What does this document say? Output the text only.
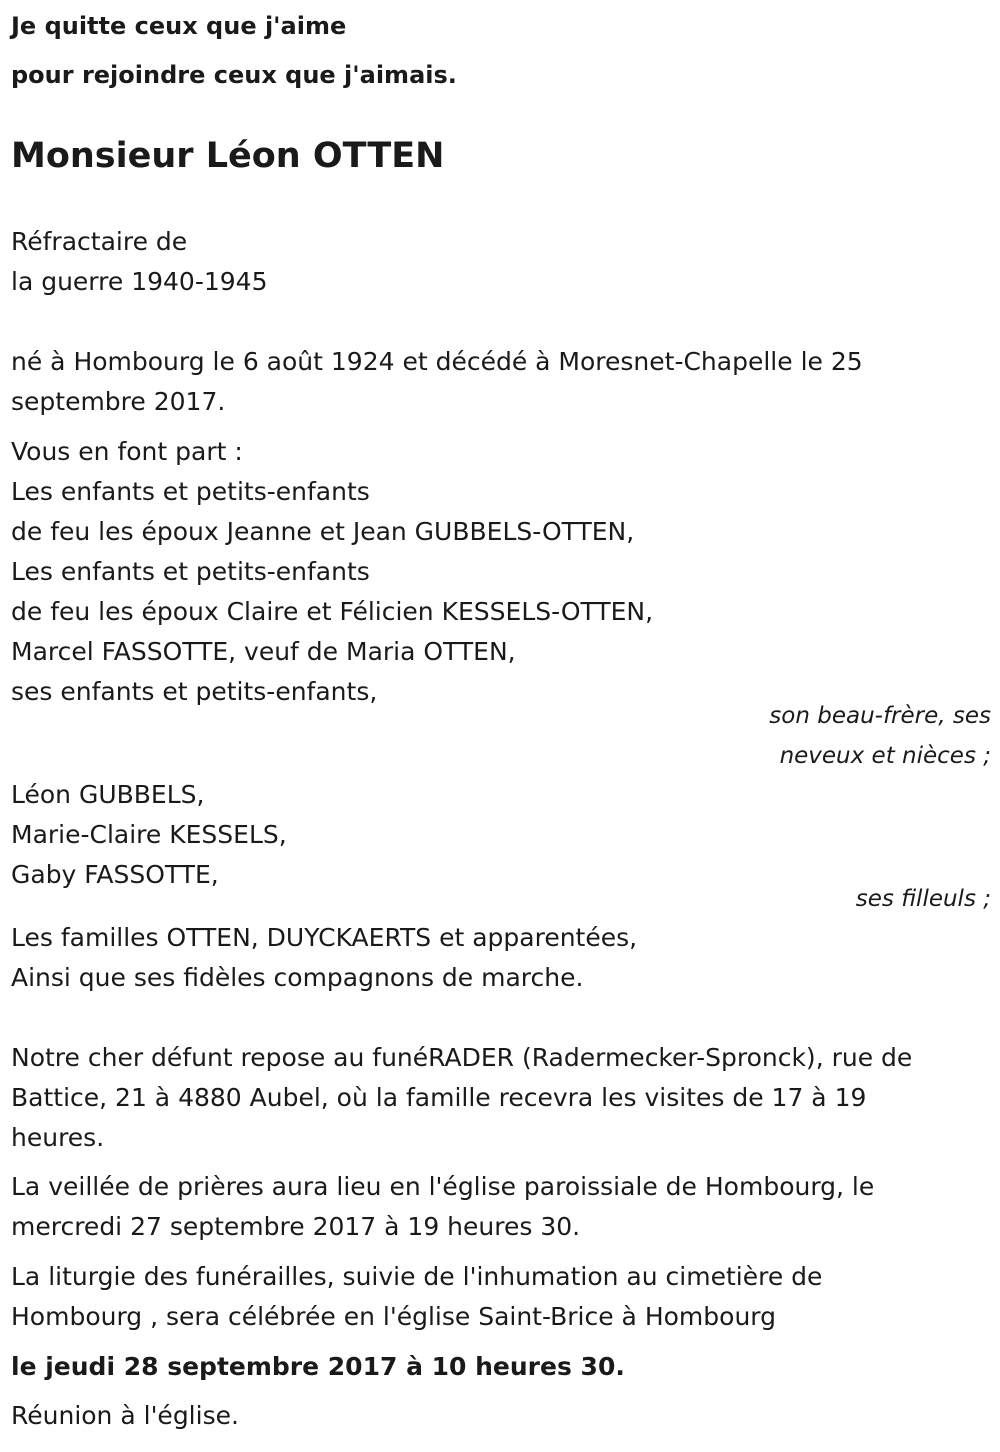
Je quitte ceux que j'aime
pour rejoindre ceux que j'aimais.
Monsieur Léon OTTEN
Réfractaire de
la guerre 1940-1945
né à Hombourg le 6 août 1924 et décédé à Moresnet-Chapelle le 25
septembre 2017.
Vous en font part :
Les enfants et petits-enfants
de feu les époux Jeanne et Jean GUBBELS-OTTEN,
Les enfants et petits-enfants
de feu les époux Claire et Félicien KESSELS-OTTEN,
Marcel FASSOTTE, veuf de Maria OTTEN,
ses enfants et petits-enfants,
son beau-frère, ses
neveux et nièces ;
Léon GUBBELS,
Marie-Claire KESSELS,
Gaby FASSOTTE,
ses filleuls ;
Les familles OTTEN, DUYCKAERTS et apparentées,
Ainsi que ses fidèles compagnons de marche.
Notre cher défunt repose au funéRADER (Radermecker-Spronck), rue de
Battice, 21 à 4880 Aubel, où la famille recevra les visites de 17 à 19
heures.
La veillée de prières aura lieu en l'église paroissiale de Hombourg, le
mercredi 27 septembre 2017 à 19 heures 30.
La liturgie des funérailles, suivie de l'inhumation au cimetière de
Hombourg , sera célébrée en l'église Saint-Brice à Hombourg
le jeudi 28 septembre 2017 à 10 heures 30.
Réunion à l'église.
